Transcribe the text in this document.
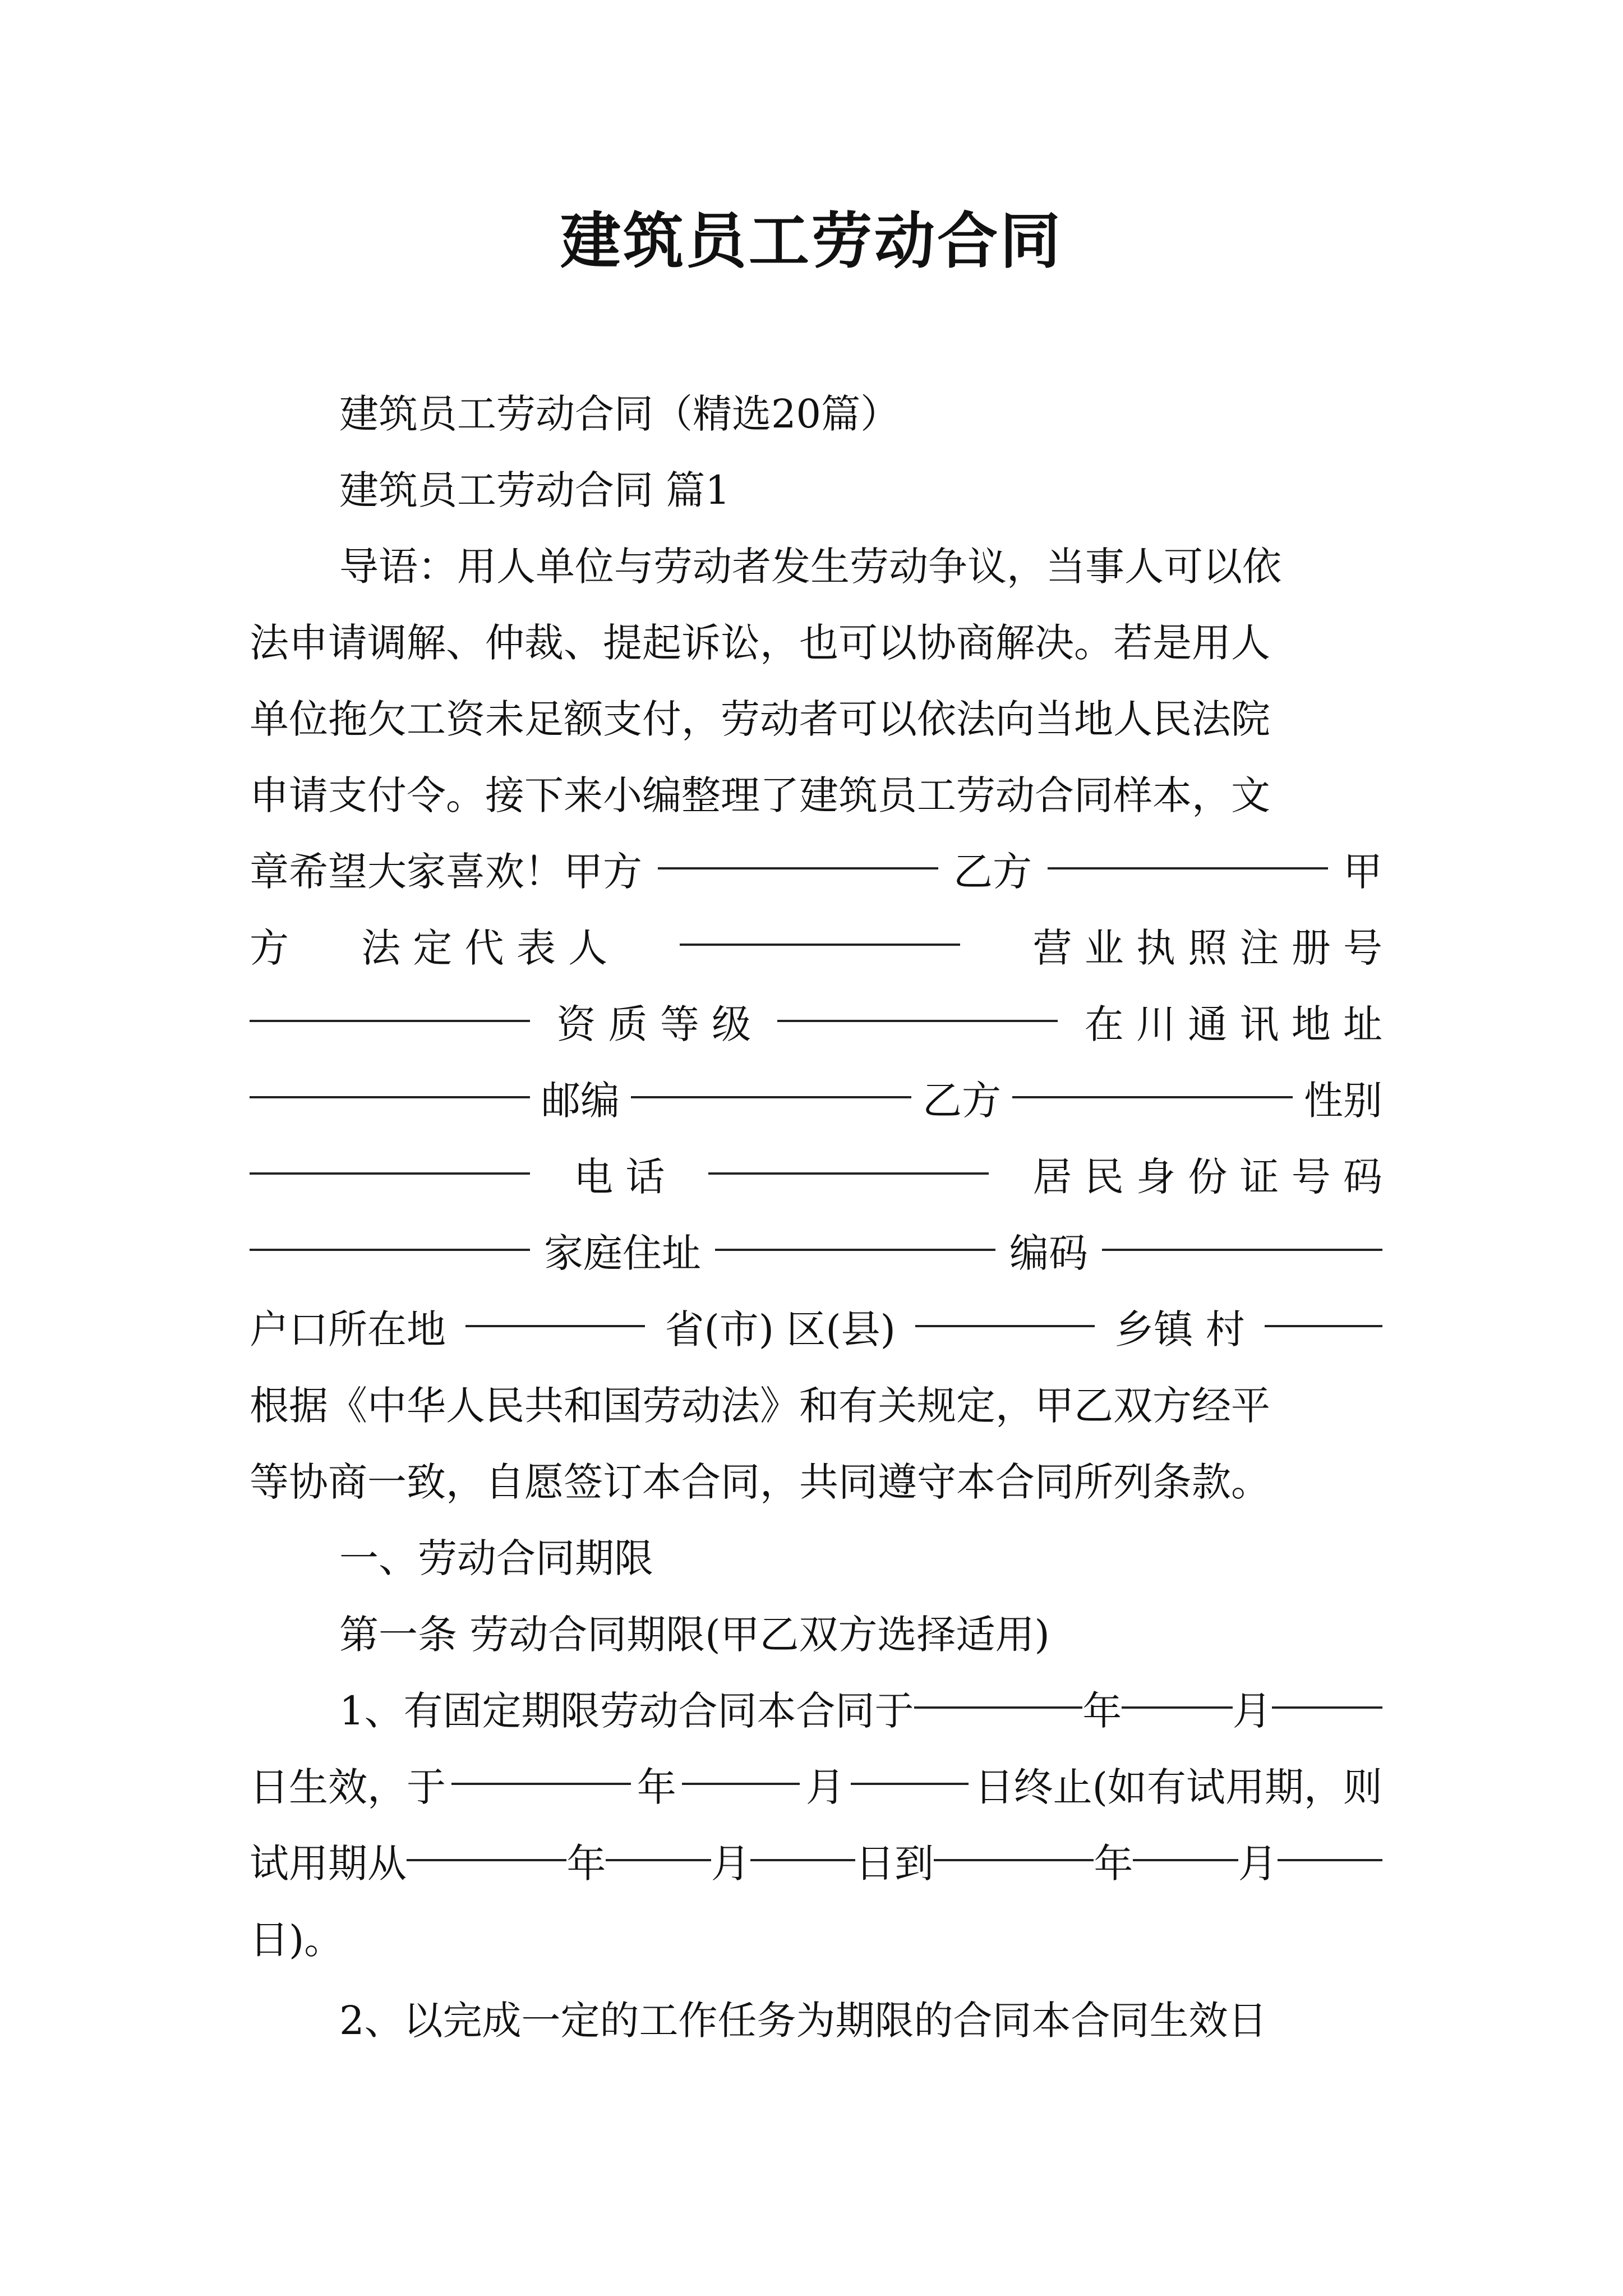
建筑员工劳动合同

建筑员工劳动合同（精选20篇）

建筑员工劳动合同 篇1

导语：用人单位与劳动者发生劳动争议，当事人可以依

法申请调解、仲裁、提起诉讼，也可以协商解决。若是用人

单位拖欠工资未足额支付，劳动者可以依法向当地人民法院

申请支付令。接下来小编整理了建筑员工劳动合同样本，文

章希望大家喜欢！甲方	乙方	甲
方 法 定 代 表 人	营 业 执 照 注 册 号
资 质 等 级	在 川 通 讯 地 址
邮编	乙方	性别
电 话	居 民 身 份 证 号 码
家庭住址	编码
户口所在地	省(市) 区(县)	乡镇 村

根据《中华人民共和国劳动法》和有关规定，甲乙双方经平

等协商一致，自愿签订本合同，共同遵守本合同所列条款。

一、劳动合同期限

第一条 劳动合同期限(甲乙双方选择适用)

1、有固定期限劳动合同本合同于	年	月
日生效，于	年	月	日终止(如有试用期，则
试用期从	年	月	日到	年	月

日)。

2、以完成一定的工作任务为期限的合同本合同生效日
